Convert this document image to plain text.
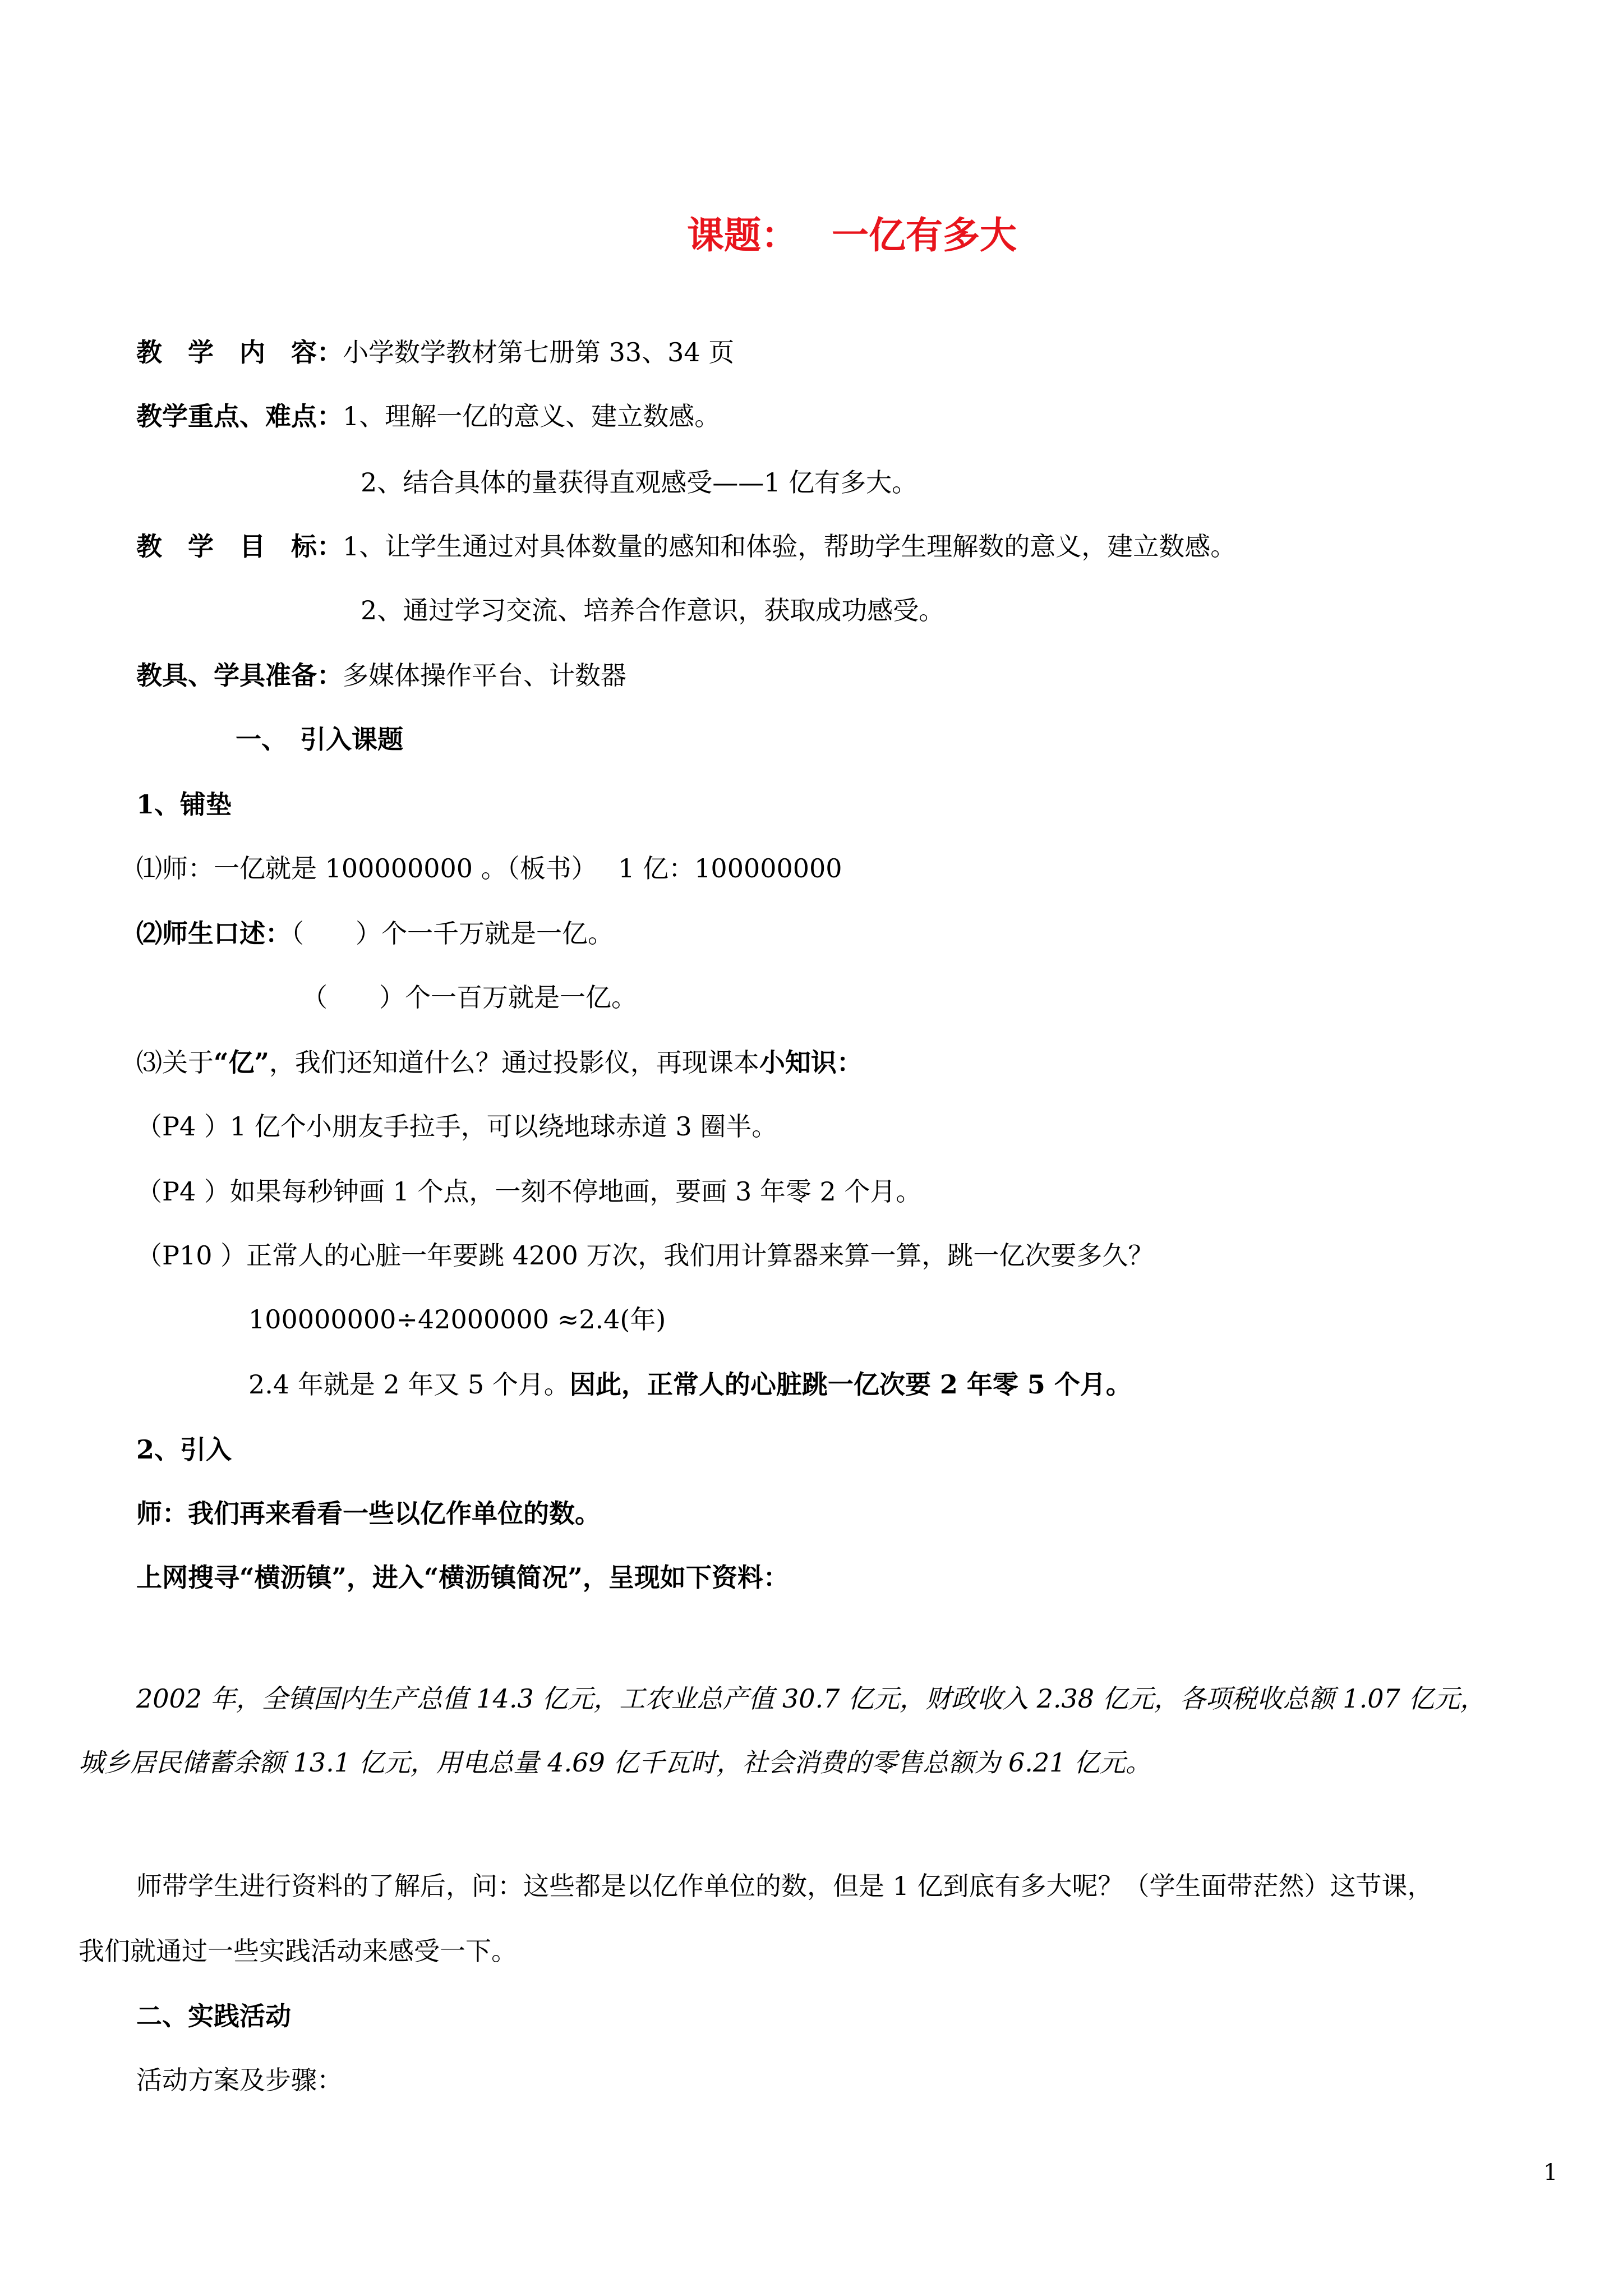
课题： 一亿有多大
教　学　内　容：小学数学教材第七册第 33、34 页
教学重点、难点：1、理解一亿的意义、建立数感。
2、结合具体的量获得直观感受——1 亿有多大。
教　学　目　标：1、让学生通过对具体数量的感知和体验，帮助学生理解数的意义，建立数感。
2、通过学习交流、培养合作意识，获取成功感受。
教具、学具准备：多媒体操作平台、计数器
一、　引入课题
1、铺垫
⑴师：一亿就是 100000000 。（板书）　 1 亿：100000000
⑵师生口述：（　　）个一千万就是一亿。
（　　）个一百万就是一亿。
⑶关于“亿”，我们还知道什么？通过投影仪，再现课本小知识：
（P4 ）1 亿个小朋友手拉手，可以绕地球赤道 3 圈半。
（P4 ）如果每秒钟画 1 个点，一刻不停地画，要画 3 年零 2 个月。
（P10 ）正常人的心脏一年要跳 4200 万次，我们用计算器来算一算，跳一亿次要多久？
100000000÷42000000 ≈2.4(年)
2.4 年就是 2 年又 5 个月。因此，正常人的心脏跳一亿次要 2 年零 5 个月。
2、引入
师：我们再来看看一些以亿作单位的数。
上网搜寻“横沥镇”，进入“横沥镇简况”，呈现如下资料：
2002 年，全镇国内生产总值 14.3 亿元，工农业总产值 30.7 亿元，财政收入 2.38 亿元，各项税收总额 1.07 亿元，
城乡居民储蓄余额 13.1 亿元，用电总量 4.69 亿千瓦时，社会消费的零售总额为 6.21 亿元。
师带学生进行资料的了解后，问：这些都是以亿作单位的数，但是 1 亿到底有多大呢？（学生面带茫然）这节课，
我们就通过一些实践活动来感受一下。
二、实践活动
活动方案及步骤：
1
